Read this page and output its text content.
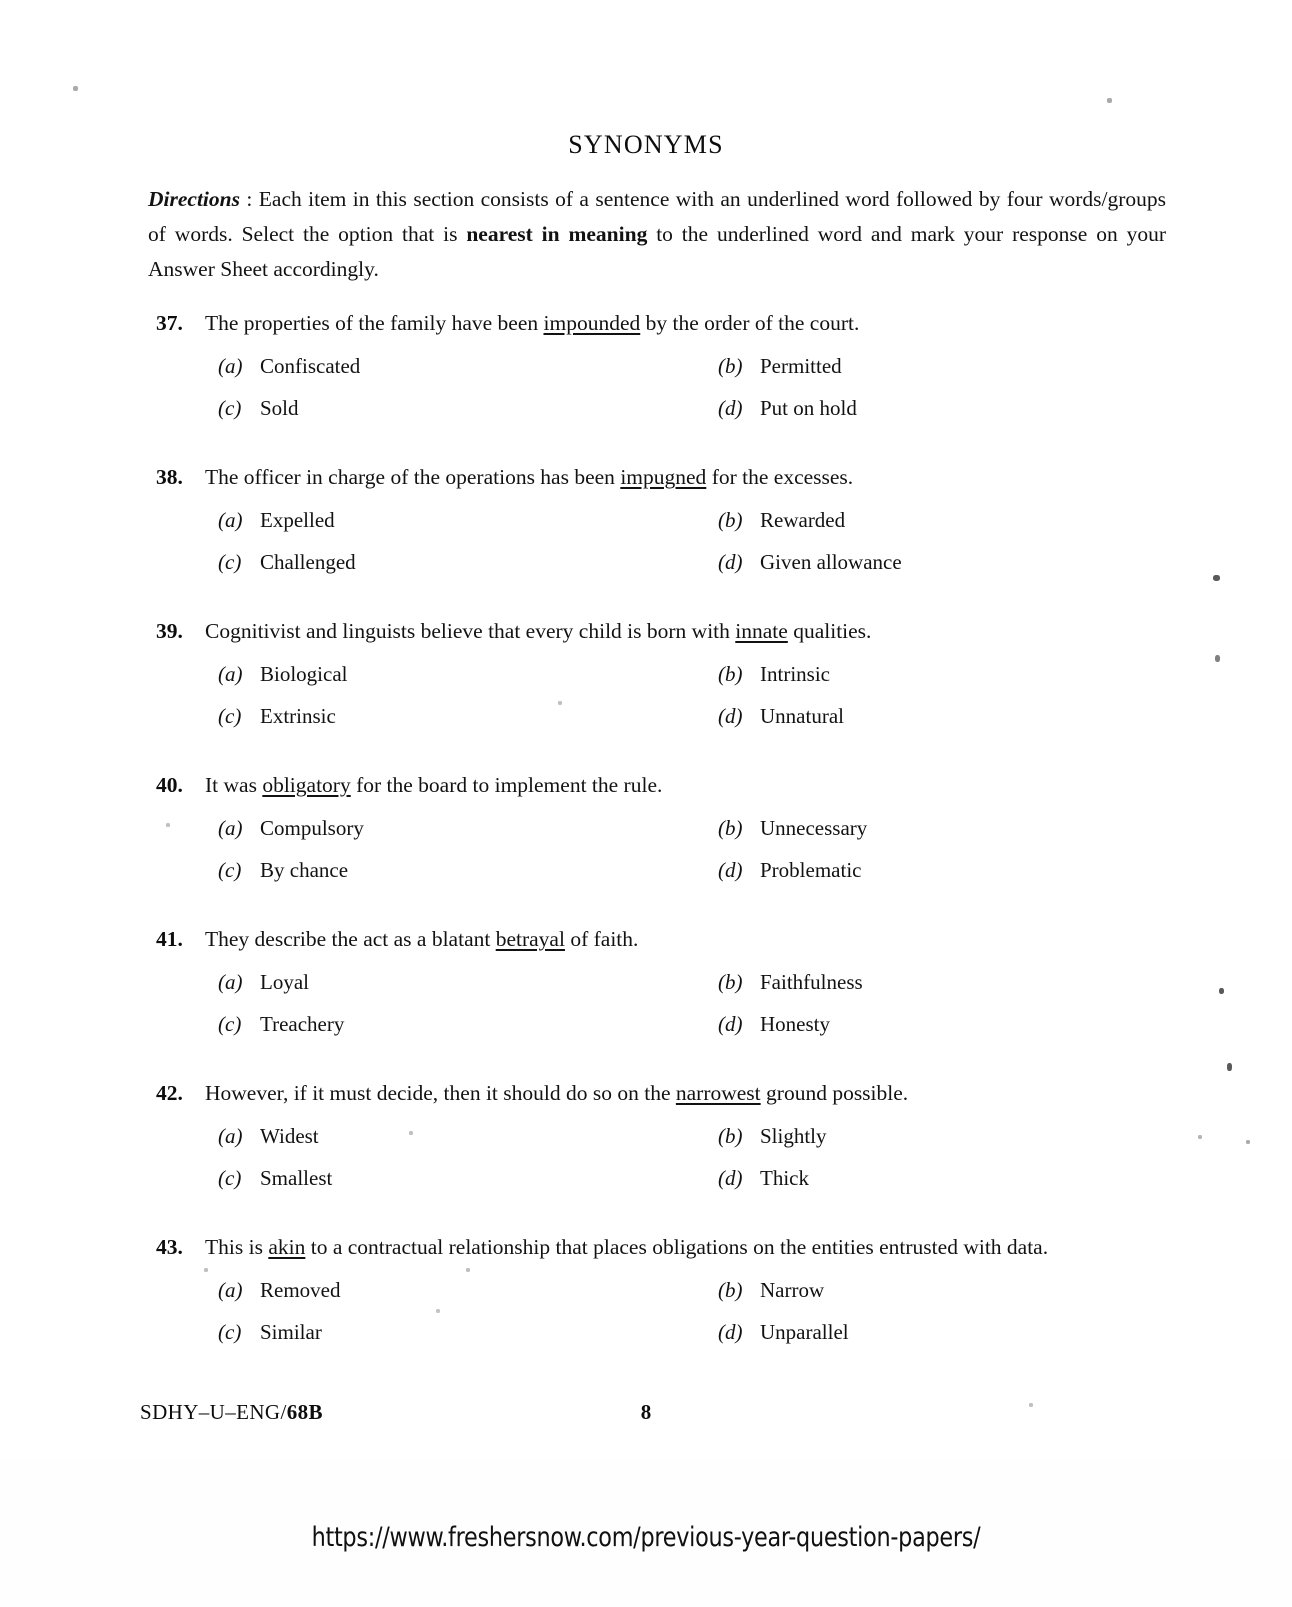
SYNONYMS
Directions : Each item in this section consists of a sentence with an underlined word followed by four words/groups of words. Select the option that is nearest in meaning to the underlined word and mark your response on your Answer Sheet accordingly.
37.	The properties of the family have been impounded by the order of the court.
(a) Confiscated	(b) Permitted
(c) Sold	(d) Put on hold
38.	The officer in charge of the operations has been impugned for the excesses.
(a) Expelled	(b) Rewarded
(c) Challenged	(d) Given allowance
39.	Cognitivist and linguists believe that every child is born with innate qualities.
(a) Biological	(b) Intrinsic
(c) Extrinsic	(d) Unnatural
40.	It was obligatory for the board to implement the rule.
(a) Compulsory	(b) Unnecessary
(c) By chance	(d) Problematic
41.	They describe the act as a blatant betrayal of faith.
(a) Loyal	(b) Faithfulness
(c) Treachery	(d) Honesty
42.	However, if it must decide, then it should do so on the narrowest ground possible.
(a) Widest	(b) Slightly
(c) Smallest	(d) Thick
43.	This is akin to a contractual relationship that places obligations on the entities entrusted with data.
(a) Removed	(b) Narrow
(c) Similar	(d) Unparallel
SDHY–U–ENG/68B	8
https://www.freshersnow.com/previous-year-question-papers/
